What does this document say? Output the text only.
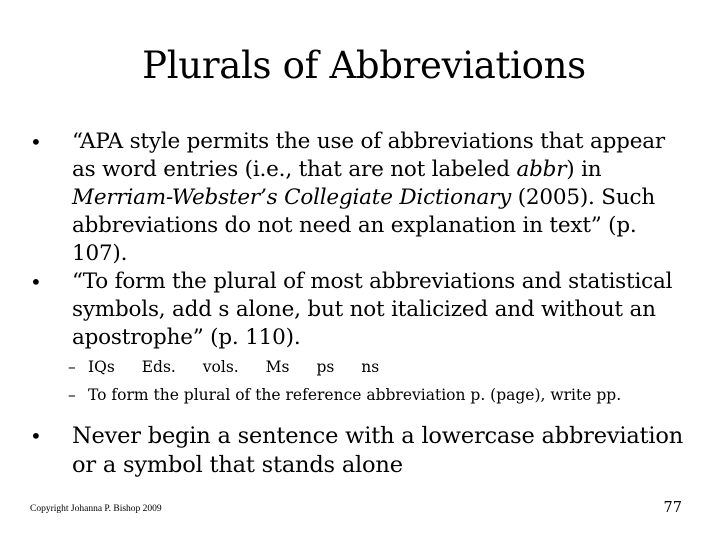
Plurals of Abbreviations
• “APA style permits the use of abbreviations that appear as word entries (i.e., that are not labeled abbr) in Merriam-Webster’s Collegiate Dictionary (2005). Such abbreviations do not need an explanation in text” (p. 107).
• “To form the plural of most abbreviations and statistical symbols, add s alone, but not italicized and without an apostrophe” (p. 110).
– IQs Eds. vols. Ms ps ns
– To form the plural of the reference abbreviation p. (page), write pp.
• Never begin a sentence with a lowercase abbreviation or a symbol that stands alone
Copyright Johanna P. Bishop 2009	77
